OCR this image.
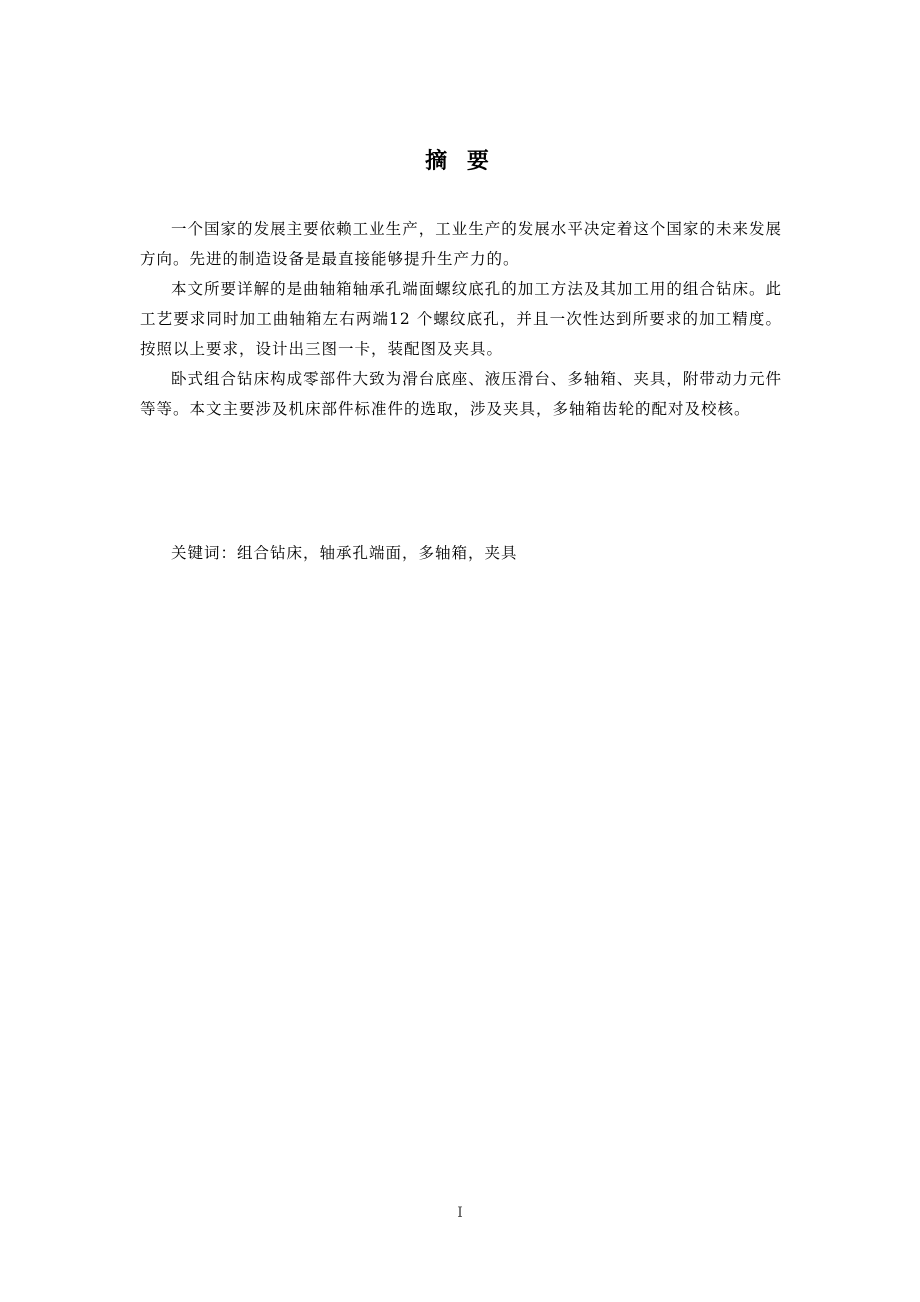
摘 要

一个国家的发展主要依赖工业生产，工业生产的发展水平决定着这个国家的未来发展方向。先进的制造设备是最直接能够提升生产力的。

本文所要详解的是曲轴箱轴承孔端面螺纹底孔的加工方法及其加工用的组合钻床。此工艺要求同时加工曲轴箱左右两端12 个螺纹底孔，并且一次性达到所要求的加工精度。按照以上要求，设计出三图一卡，装配图及夹具。

卧式组合钻床构成零部件大致为滑台底座、液压滑台、多轴箱、夹具，附带动力元件等等。本文主要涉及机床部件标准件的选取，涉及夹具，多轴箱齿轮的配对及校核。

关键词：组合钻床，轴承孔端面，多轴箱，夹具
I
